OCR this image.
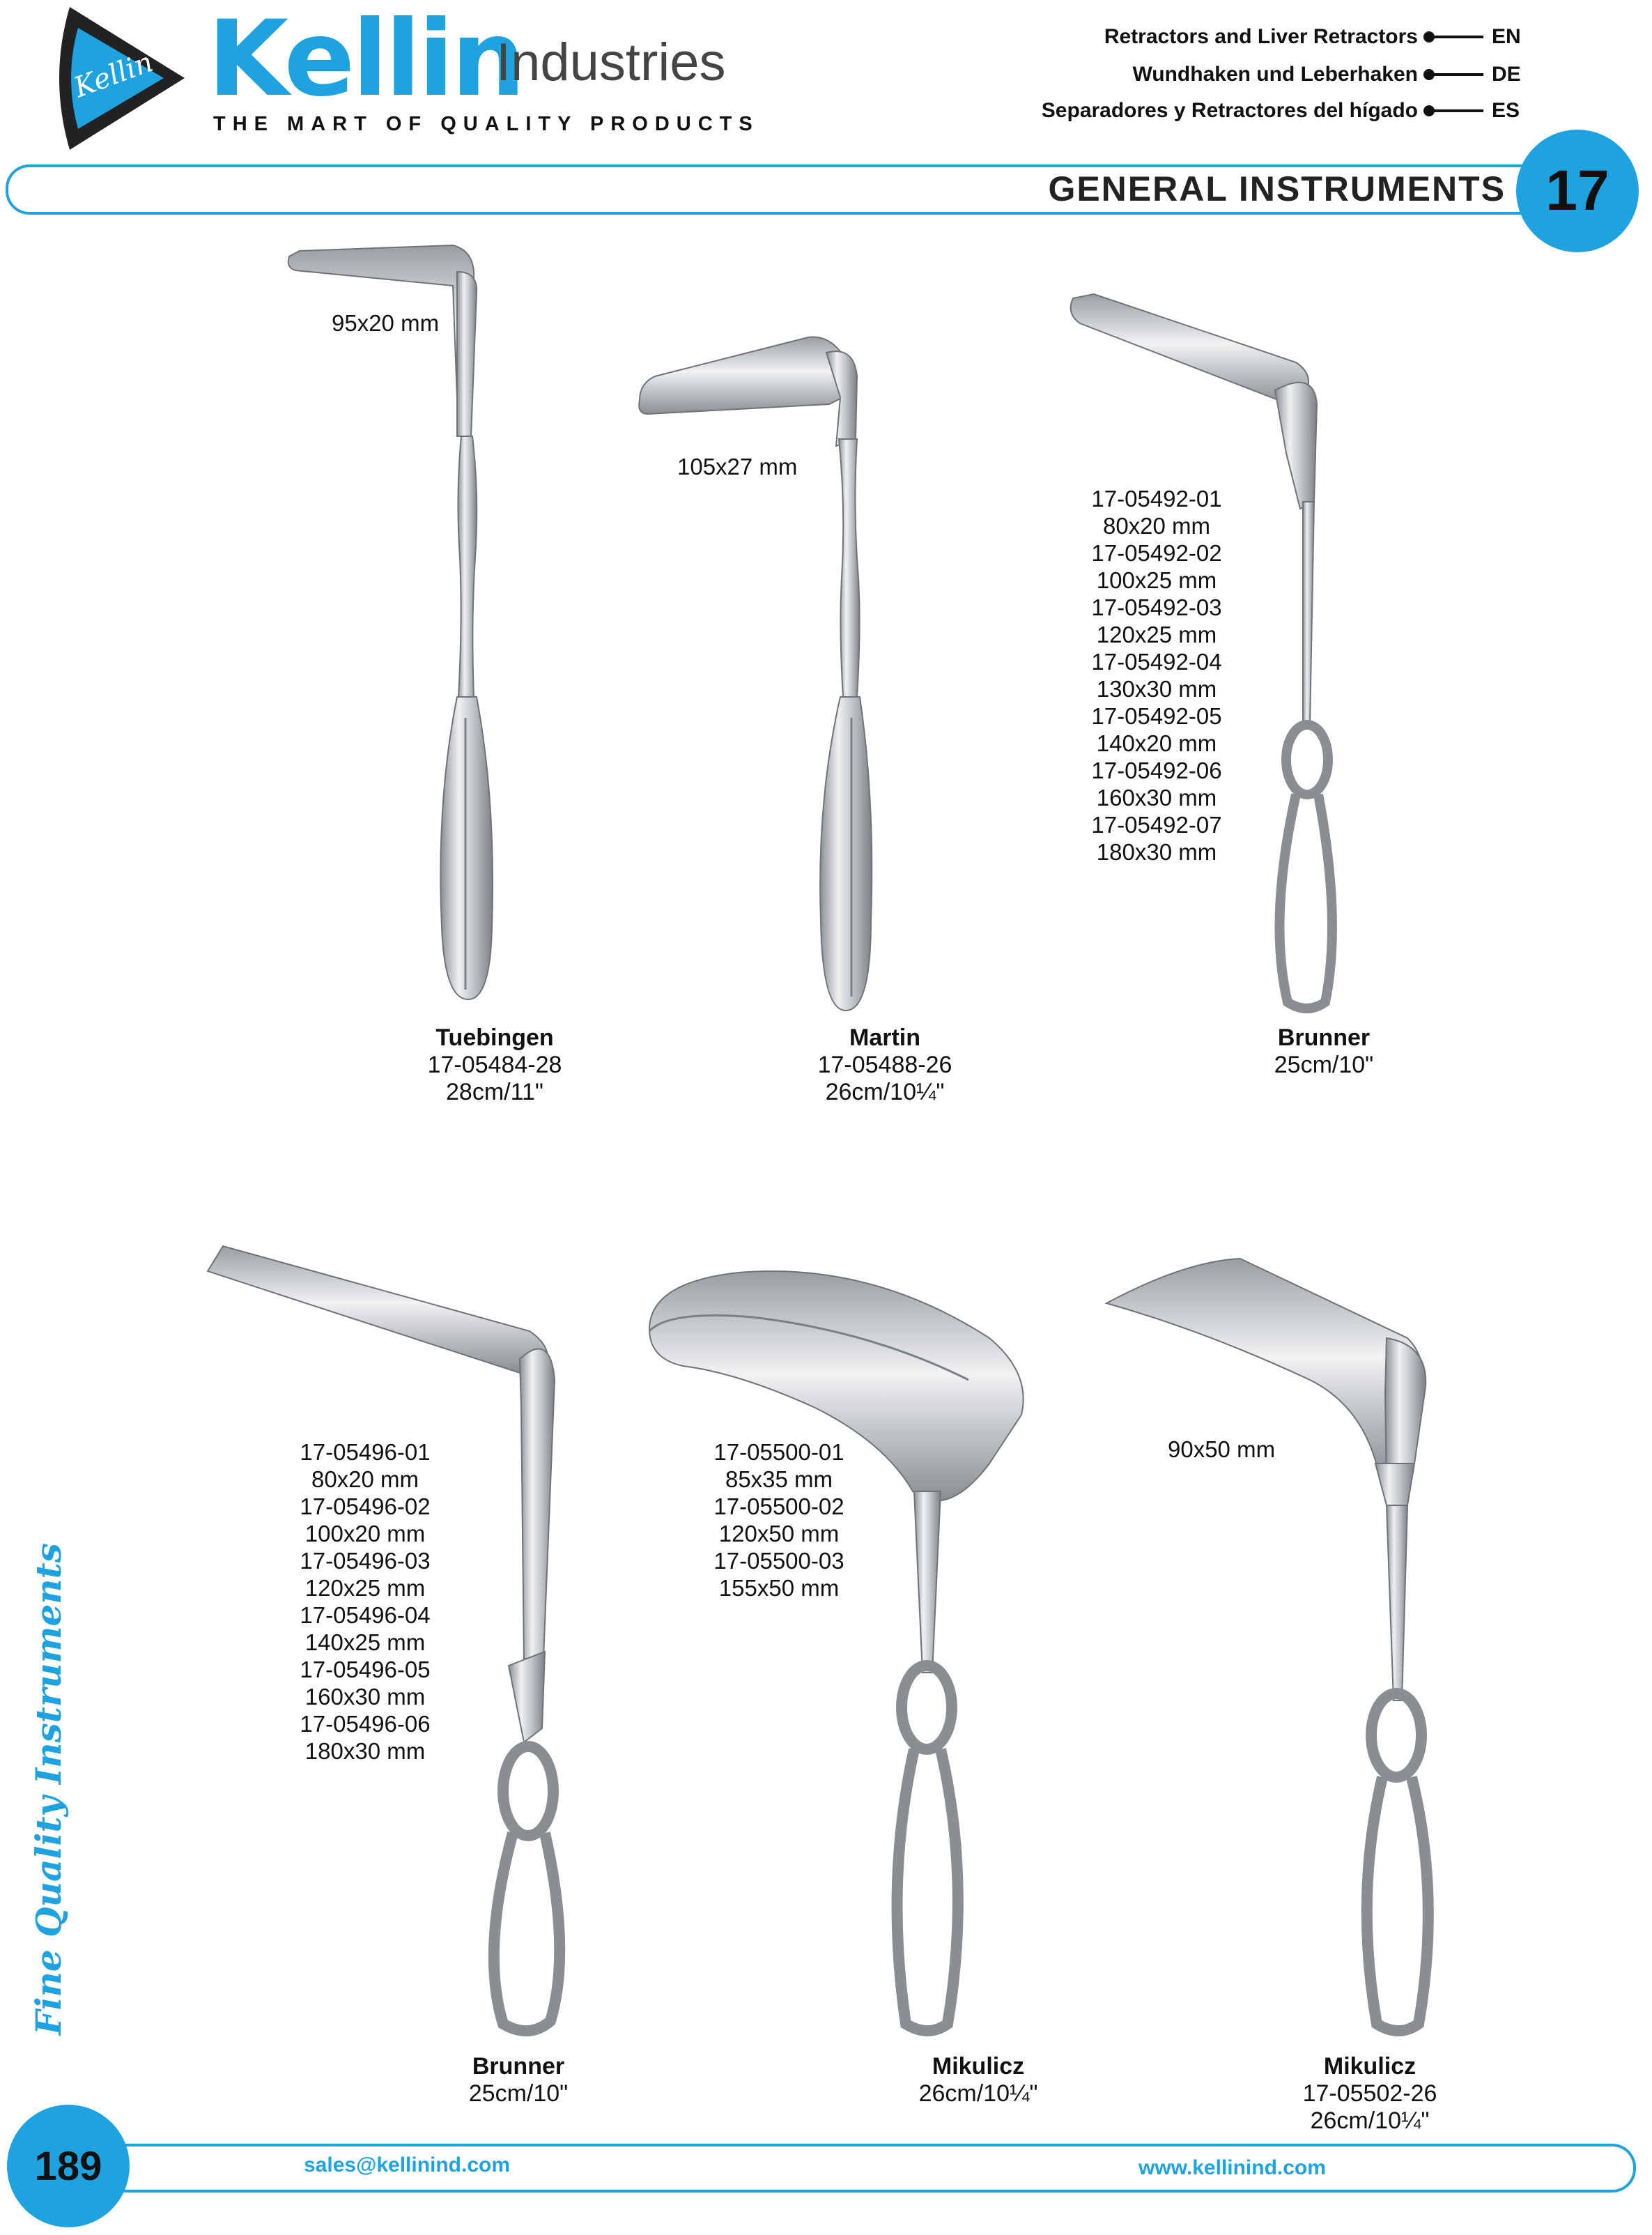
Kellin Kellin
Industries
THE MART OF QUALITY PRODUCTS
Retractors and Liver Retractors	EN
Wundhaken und Leberhaken	DE
Separadores y Retractores del hígado	ES
GENERAL INSTRUMENTS 17
95x20 mm
Tuebingen
17-05484-28
28cm/11"
105x27 mm
Martin
17-05488-26
26cm/10¼"
17-05492-01
80x20 mm
17-05492-02
100x25 mm
17-05492-03
120x25 mm
17-05492-04
130x30 mm
17-05492-05
140x20 mm
17-05492-06
160x30 mm
17-05492-07
180x30 mm
Brunner
25cm/10"
17-05496-01
80x20 mm
17-05496-02
100x20 mm
17-05496-03
120x25 mm
17-05496-04
140x25 mm
17-05496-05
160x30 mm
17-05496-06
180x30 mm
Brunner
25cm/10"
17-05500-01
85x35 mm
17-05500-02
120x50 mm
17-05500-03
155x50 mm
Mikulicz
26cm/10¼"
90x50 mm
Mikulicz
17-05502-26
26cm/10¼"
Fine Quality Instruments
189	sales@kellinind.com	www.kellinind.com
